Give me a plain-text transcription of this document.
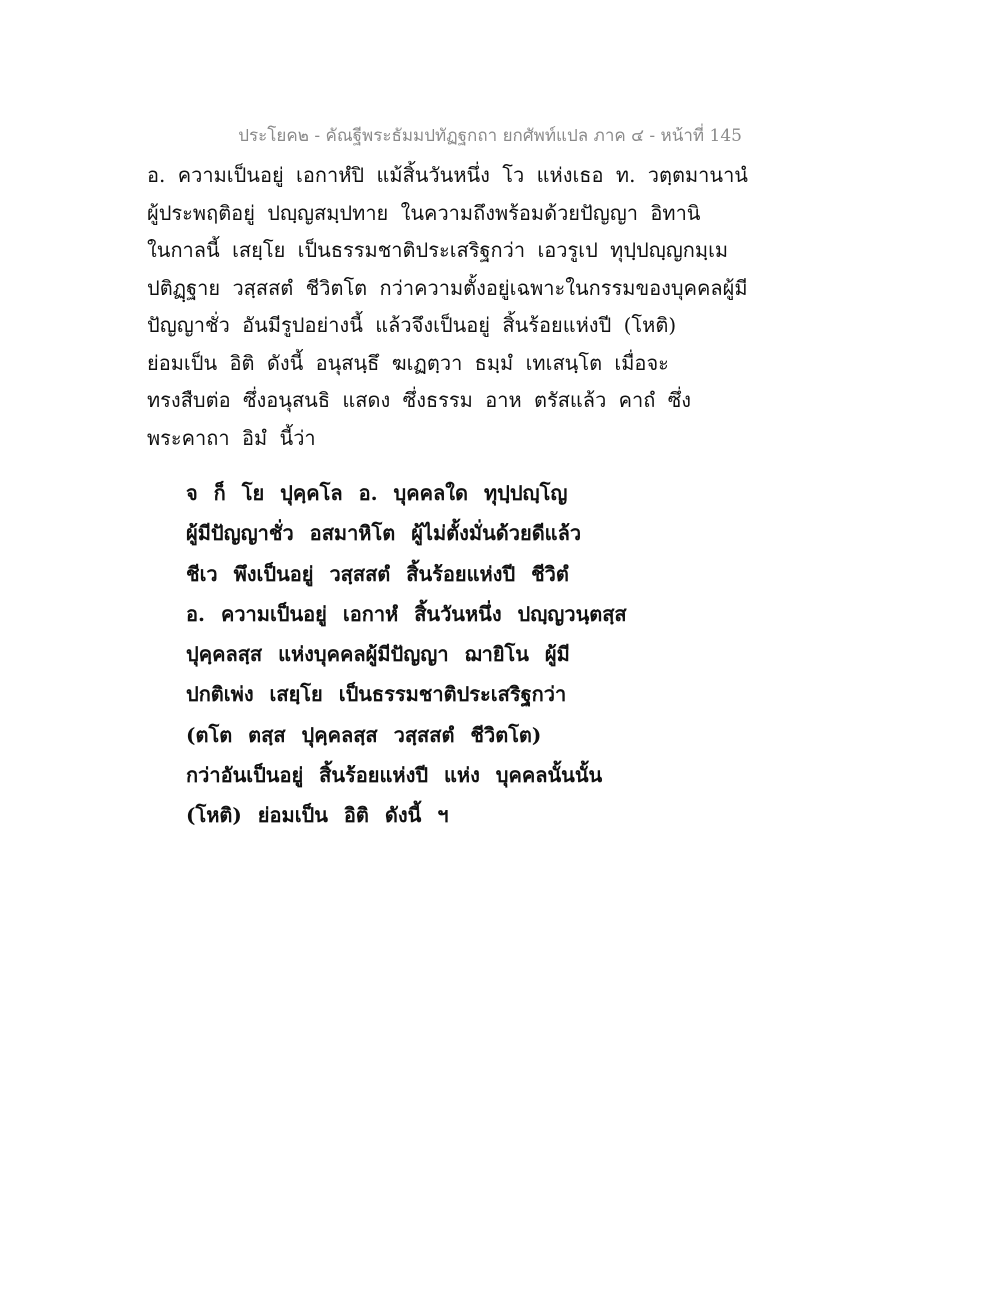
ประโยค๒ - คัณฐีพระธัมมปทัฏฐกถา ยกศัพท์แปล ภาค ๔ - หน้าที่ 145
อ. ความเป็นอยู่ เอกาหํปิ แม้สิ้นวันหนึ่ง โว แห่งเธอ ท. วตฺตมานานํ
ผู้ประพฤติอยู่ ปญฺญสมฺปทาย ในความถึงพร้อมด้วยปัญญา อิทานิ
ในกาลนี้ เสยฺโย เป็นธรรมชาติประเสริฐกว่า เอวรูเป ทุปฺปญฺญกมฺเม
ปติฏฺฐาย วสฺสสตํ ชีวิตโต กว่าความตั้งอยู่เฉพาะในกรรมของบุคคลผู้มี
ปัญญาชั่ว อันมีรูปอย่างนี้ แล้วจึงเป็นอยู่ สิ้นร้อยแห่งปี (โหติ)
ย่อมเป็น อิติ ดังนี้ อนุสนฺธึ ฆเฏตฺวา ธมฺมํ เทเสนฺโต เมื่อจะ
ทรงสืบต่อ ซึ่งอนุสนธิ แสดง ซึ่งธรรม อาห ตรัสแล้ว คาถํ ซึ่ง
พระคาถา อิมํ นี้ว่า
จ ก็ โย ปุคฺคโล อ. บุคคลใด ทุปฺปญฺโญ
ผู้มีปัญญาชั่ว อสมาหิโต ผู้ไม่ตั้งมั่นด้วยดีแล้ว
ชีเว พึงเป็นอยู่ วสฺสสตํ สิ้นร้อยแห่งปี ชีวิตํ
อ. ความเป็นอยู่ เอกาหํ สิ้นวันหนึ่ง ปญฺญวนฺตสฺส
ปุคฺคลสฺส แห่งบุคคลผู้มีปัญญา ฌายิโน ผู้มี
ปกติเพ่ง เสยฺโย เป็นธรรมชาติประเสริฐกว่า
(ตโต ตสฺส ปุคฺคลสฺส วสฺสสตํ ชีวิตโต)
กว่าอันเป็นอยู่ สิ้นร้อยแห่งปี แห่ง บุคคลนั้นนั้น
(โหติ) ย่อมเป็น อิติ ดังนี้ ฯ
